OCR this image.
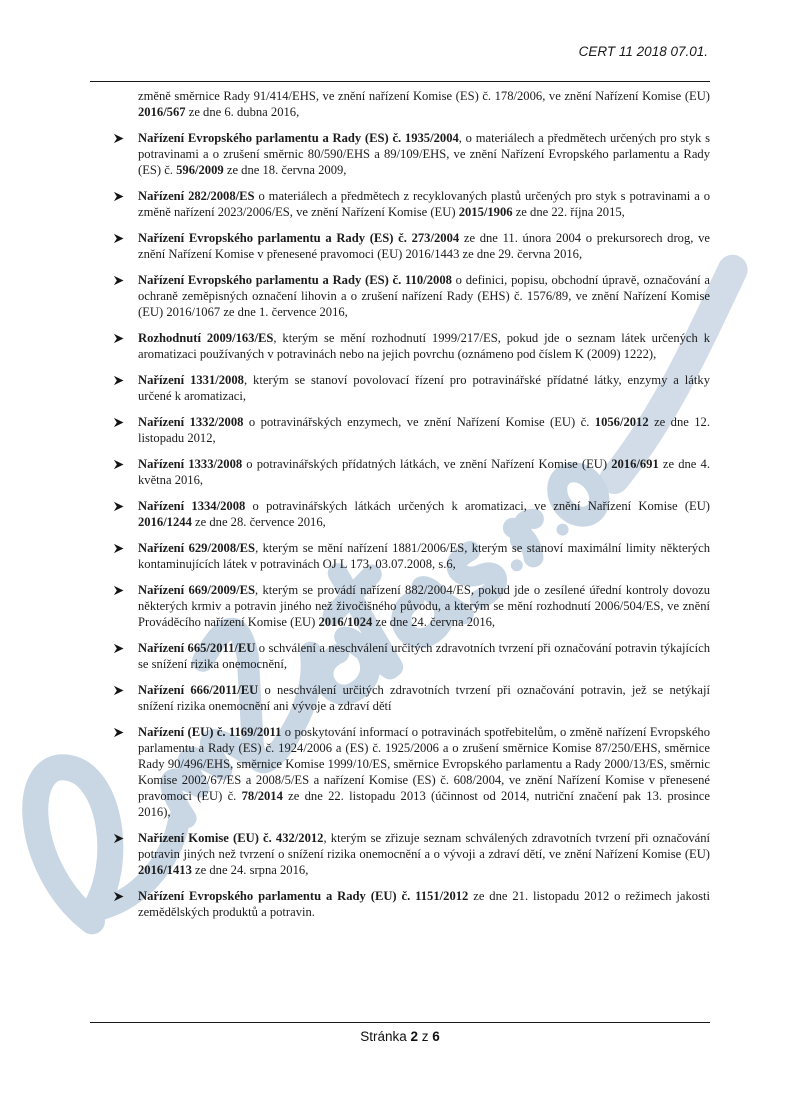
CERT 11 2018 07.01.
změně směrnice Rady 91/414/EHS, ve znění nařízení Komise (ES) č. 178/2006, ve znění Nařízení Komise (EU) 2016/567 ze dne 6. dubna 2016,
Nařízení Evropského parlamentu a Rady (ES) č. 1935/2004, o materiálech a předmětech určených pro styk s potravinami a o zrušení směrnic 80/590/EHS a 89/109/EHS, ve znění Nařízení Evropského parlamentu a Rady (ES) č. 596/2009 ze dne 18. června 2009,
Nařízení 282/2008/ES o materiálech a předmětech z recyklovaných plastů určených pro styk s potravinami a o změně nařízení 2023/2006/ES, ve znění Nařízení Komise (EU) 2015/1906 ze dne 22. října 2015,
Nařízení Evropského parlamentu a Rady (ES) č. 273/2004 ze dne 11. února 2004 o prekursorech drog, ve znění Nařízení Komise v přenesené pravomoci (EU) 2016/1443 ze dne 29. června 2016,
Nařízení Evropského parlamentu a Rady (ES) č. 110/2008 o definici, popisu, obchodní úpravě, označování a ochraně zeměpisných označení lihovin a o zrušení nařízení Rady (EHS) č. 1576/89, ve znění Nařízení Komise (EU) 2016/1067 ze dne 1. července 2016,
Rozhodnutí 2009/163/ES, kterým se mění rozhodnutí 1999/217/ES, pokud jde o seznam látek určených k aromatizaci používaných v potravinách nebo na jejich povrchu (oznámeno pod číslem K (2009) 1222),
Nařízení 1331/2008, kterým se stanoví povolovací řízení pro potravinářské přídatné látky, enzymy a látky určené k aromatizaci,
Nařízení 1332/2008 o potravinářských enzymech, ve znění Nařízení Komise (EU) č. 1056/2012 ze dne 12. listopadu 2012,
Nařízení 1333/2008 o potravinářských přídatných látkách, ve znění Nařízení Komise (EU) 2016/691 ze dne 4. května 2016,
Nařízení 1334/2008 o potravinářských látkách určených k aromatizaci, ve znění Nařízení Komise (EU) 2016/1244 ze dne 28. července 2016,
Nařízení 629/2008/ES, kterým se mění nařízení 1881/2006/ES, kterým se stanoví maximální limity některých kontaminujících látek v potravinách OJ L 173, 03.07.2008, s.6,
Nařízení 669/2009/ES, kterým se provádí nařízení 882/2004/ES, pokud jde o zesílené úřední kontroly dovozu některých krmiv a potravin jiného než živočišného původu, a kterým se mění rozhodnutí 2006/504/ES, ve znění Prováděcího nařízení Komise (EU) 2016/1024 ze dne 24. června 2016,
Nařízení 665/2011/EU o schválení a neschválení určitých zdravotních tvrzení při označování potravin týkajících se snížení rizika onemocnění,
Nařízení 666/2011/EU o neschválení určitých zdravotních tvrzení při označování potravin, jež se netýkají snížení rizika onemocnění ani vývoje a zdraví dětí
Nařízení (EU) č. 1169/2011 o poskytování informací o potravinách spotřebitelům, o změně nařízení Evropského parlamentu a Rady (ES) č. 1924/2006 a (ES) č. 1925/2006 a o zrušení směrnice Komise 87/250/EHS, směrnice Rady 90/496/EHS, směrnice Komise 1999/10/ES, směrnice Evropského parlamentu a Rady 2000/13/ES, směrnic Komise 2002/67/ES a 2008/5/ES a nařízení Komise (ES) č. 608/2004, ve znění Nařízení Komise v přenesené pravomoci (EU) č. 78/2014 ze dne 22. listopadu 2013 (účinnost od 2014, nutriční značení pak 13. prosince 2016),
Nařízení Komise (EU) č. 432/2012, kterým se zřizuje seznam schválených zdravotních tvrzení při označování potravin jiných než tvrzení o snížení rizika onemocnění a o vývoji a zdraví dětí, ve znění Nařízení Komise (EU) 2016/1413 ze dne 24. srpna 2016,
Nařízení Evropského parlamentu a Rady (EU) č. 1151/2012 ze dne 21. listopadu 2012 o režimech jakosti zemědělských produktů a potravin.
Stránka 2 z 6
